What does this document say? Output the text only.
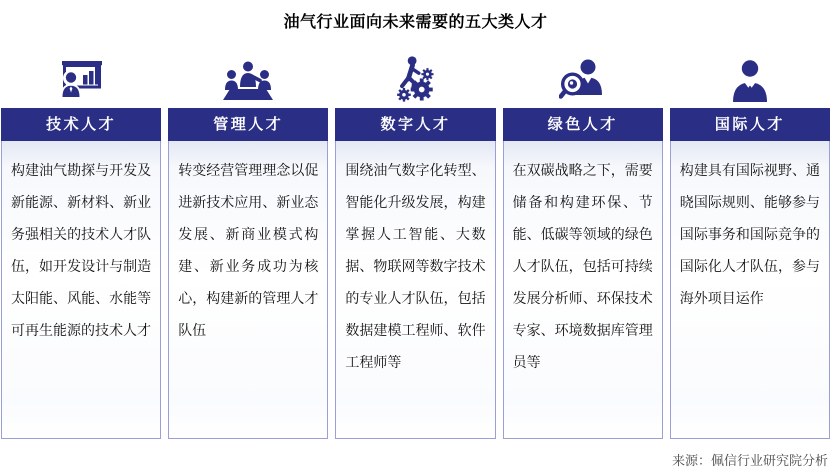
油气行业面向未来需要的五大类人才
技术人才

构建油气勘探与开发及新能源、新材料、新业务强相关的技术人才队伍，如开发设计与制造太阳能、风能、水能等可再生能源的技术人才

管理人才

转变经营管理理念以促进新技术应用、新业态发展、新商业模式构建、新业务成功为核心，构建新的管理人才队伍

数字人才

围绕油气数字化转型、智能化升级发展，构建掌握人工智能、大数据、物联网等数字技术的专业人才队伍，包括数据建模工程师、软件工程师等

绿色人才

在双碳战略之下，需要储备和构建环保、节能、低碳等领域的绿色人才队伍，包括可持续发展分析师、环保技术专家、环境数据库管理员等

国际人才

构建具有国际视野、通晓国际规则、能够参与国际事务和国际竞争的国际化人才队伍，参与海外项目运作

来源：佩信行业研究院分析
